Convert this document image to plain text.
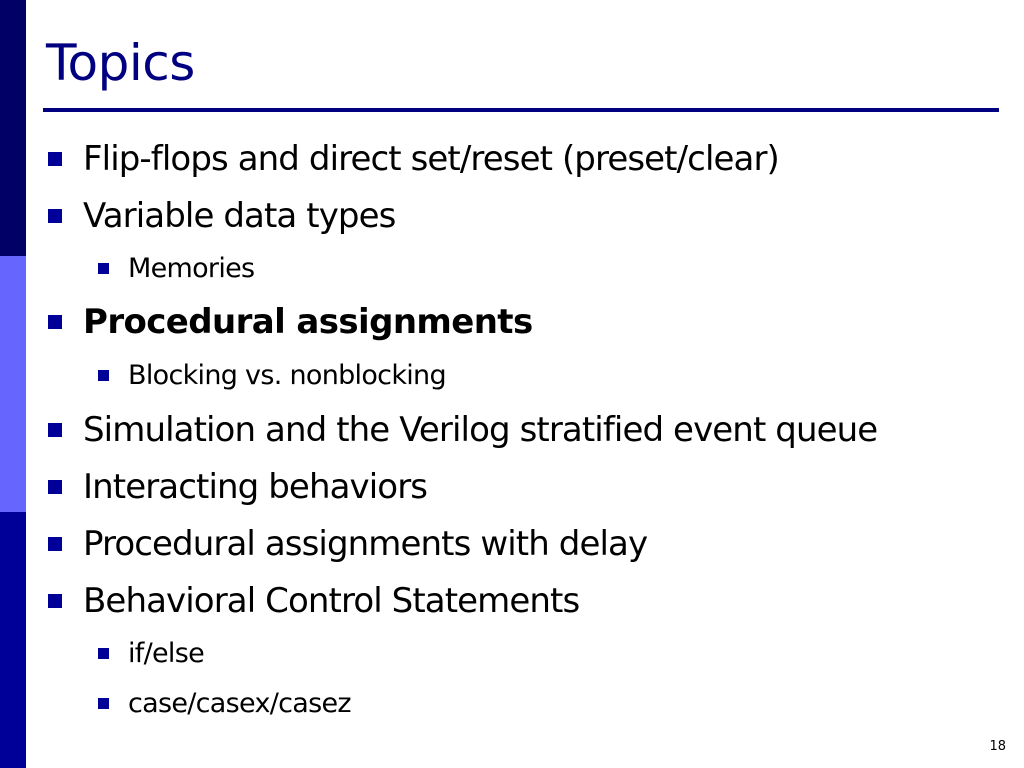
Topics
Flip-flops and direct set/reset (preset/clear)
Variable data types
Memories
Procedural assignments
Blocking vs. nonblocking
Simulation and the Verilog stratified event queue
Interacting behaviors
Procedural assignments with delay
Behavioral Control Statements
if/else
case/casex/casez
18
